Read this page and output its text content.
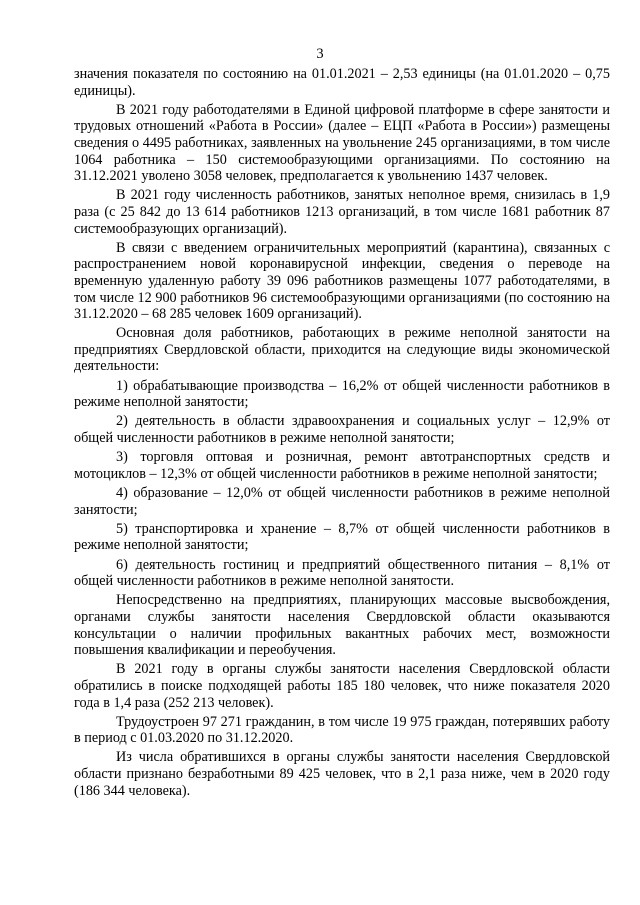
3

значения показателя по состоянию на 01.01.2021 – 2,53 единицы (на 01.01.2020 – 0,75 единицы).

В 2021 году работодателями в Единой цифровой платформе в сфере занятости и трудовых отношений «Работа в России» (далее – ЕЦП «Работа в России») размещены сведения о 4495 работниках, заявленных на увольнение 245 организациями, в том числе 1064 работника – 150 системообразующими организациями. По состоянию на 31.12.2021 уволено 3058 человек, предполагается к увольнению 1437 человек.

В 2021 году численность работников, занятых неполное время, снизилась в 1,9 раза (с 25 842 до 13 614 работников 1213 организаций, в том числе 1681 работник 87 системообразующих организаций).

В связи с введением ограничительных мероприятий (карантина), связанных с распространением новой коронавирусной инфекции, сведения о переводе на временную удаленную работу 39 096 работников размещены 1077 работодателями, в том числе 12 900 работников 96 системообразующими организациями (по состоянию на 31.12.2020 – 68 285 человек 1609 организаций).

Основная доля работников, работающих в режиме неполной занятости на предприятиях Свердловской области, приходится на следующие виды экономической деятельности:

1) обрабатывающие производства – 16,2% от общей численности работников в режиме неполной занятости;

2) деятельность в области здравоохранения и социальных услуг – 12,9% от общей численности работников в режиме неполной занятости;

3) торговля оптовая и розничная, ремонт автотранспортных средств и мотоциклов – 12,3% от общей численности работников в режиме неполной занятости;

4) образование – 12,0% от общей численности работников в режиме неполной занятости;

5) транспортировка и хранение – 8,7% от общей численности работников в режиме неполной занятости;

6) деятельность гостиниц и предприятий общественного питания – 8,1% от общей численности работников в режиме неполной занятости.

Непосредственно на предприятиях, планирующих массовые высвобождения, органами службы занятости населения Свердловской области оказываются консультации о наличии профильных вакантных рабочих мест, возможности повышения квалификации и переобучения.

В 2021 году в органы службы занятости населения Свердловской области обратились в поиске подходящей работы 185 180 человек, что ниже показателя 2020 года в 1,4 раза (252 213 человек).

Трудоустроен 97 271 гражданин, в том числе 19 975 граждан, потерявших работу в период с 01.03.2020 по 31.12.2020.

Из числа обратившихся в органы службы занятости населения Свердловской области признано безработными 89 425 человек, что в 2,1 раза ниже, чем в 2020 году (186 344 человека).
